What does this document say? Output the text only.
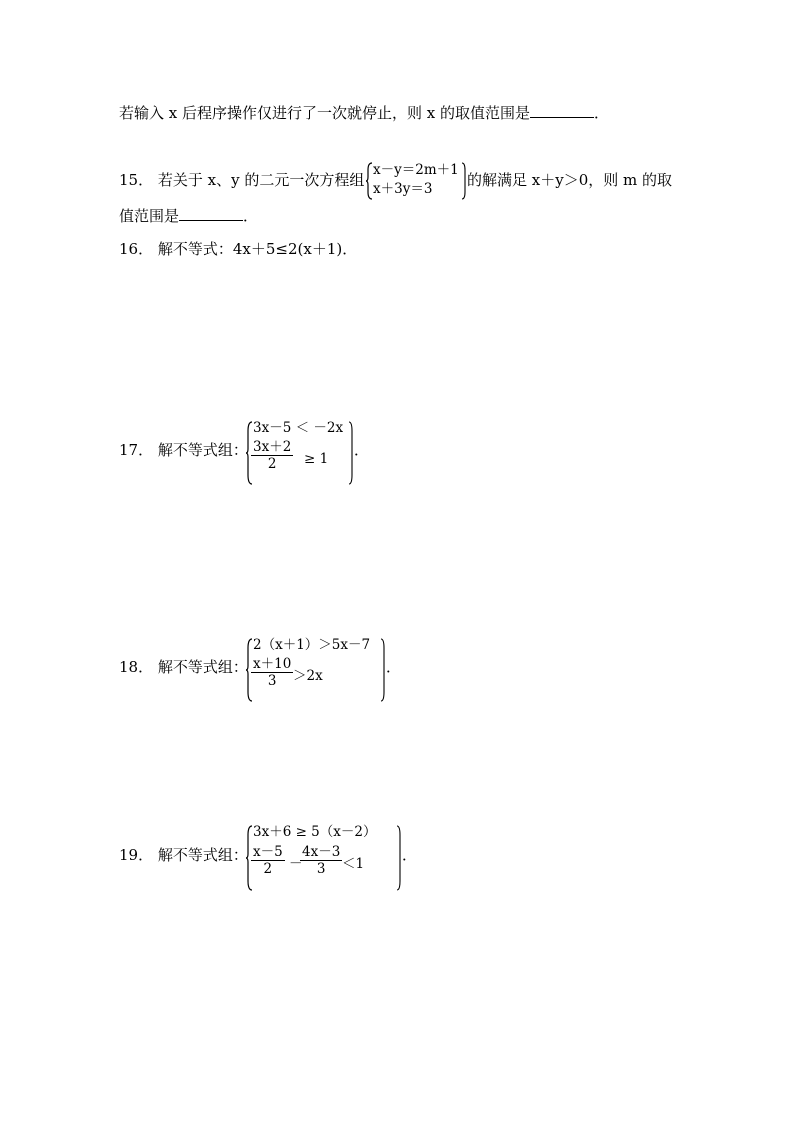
若输入 x 后程序操作仅进行了一次就停止，则 x 的取值范围是	．
15． 若关于 x、y 的二元一次方程组
x－y＝2m＋1
x＋3y＝3 的解满足 x＋y＞0，则 m 的取
值范围是	．
16． 解不等式：4x＋5≤2(x＋1)．
17． 解不等式组：
3x－5 ＜ －2x
$\frac{3x+2}{2} \ge 1$ ．
18． 解不等式组：
2（x＋1）＞5x－7
$\frac{x+10}{3} >2x$	．
19． 解不等式组：
3x＋6 ≥ 5（x－2）
$\frac{x-5}{2}$ －
$\frac{4x-3}{3} <1$	．
